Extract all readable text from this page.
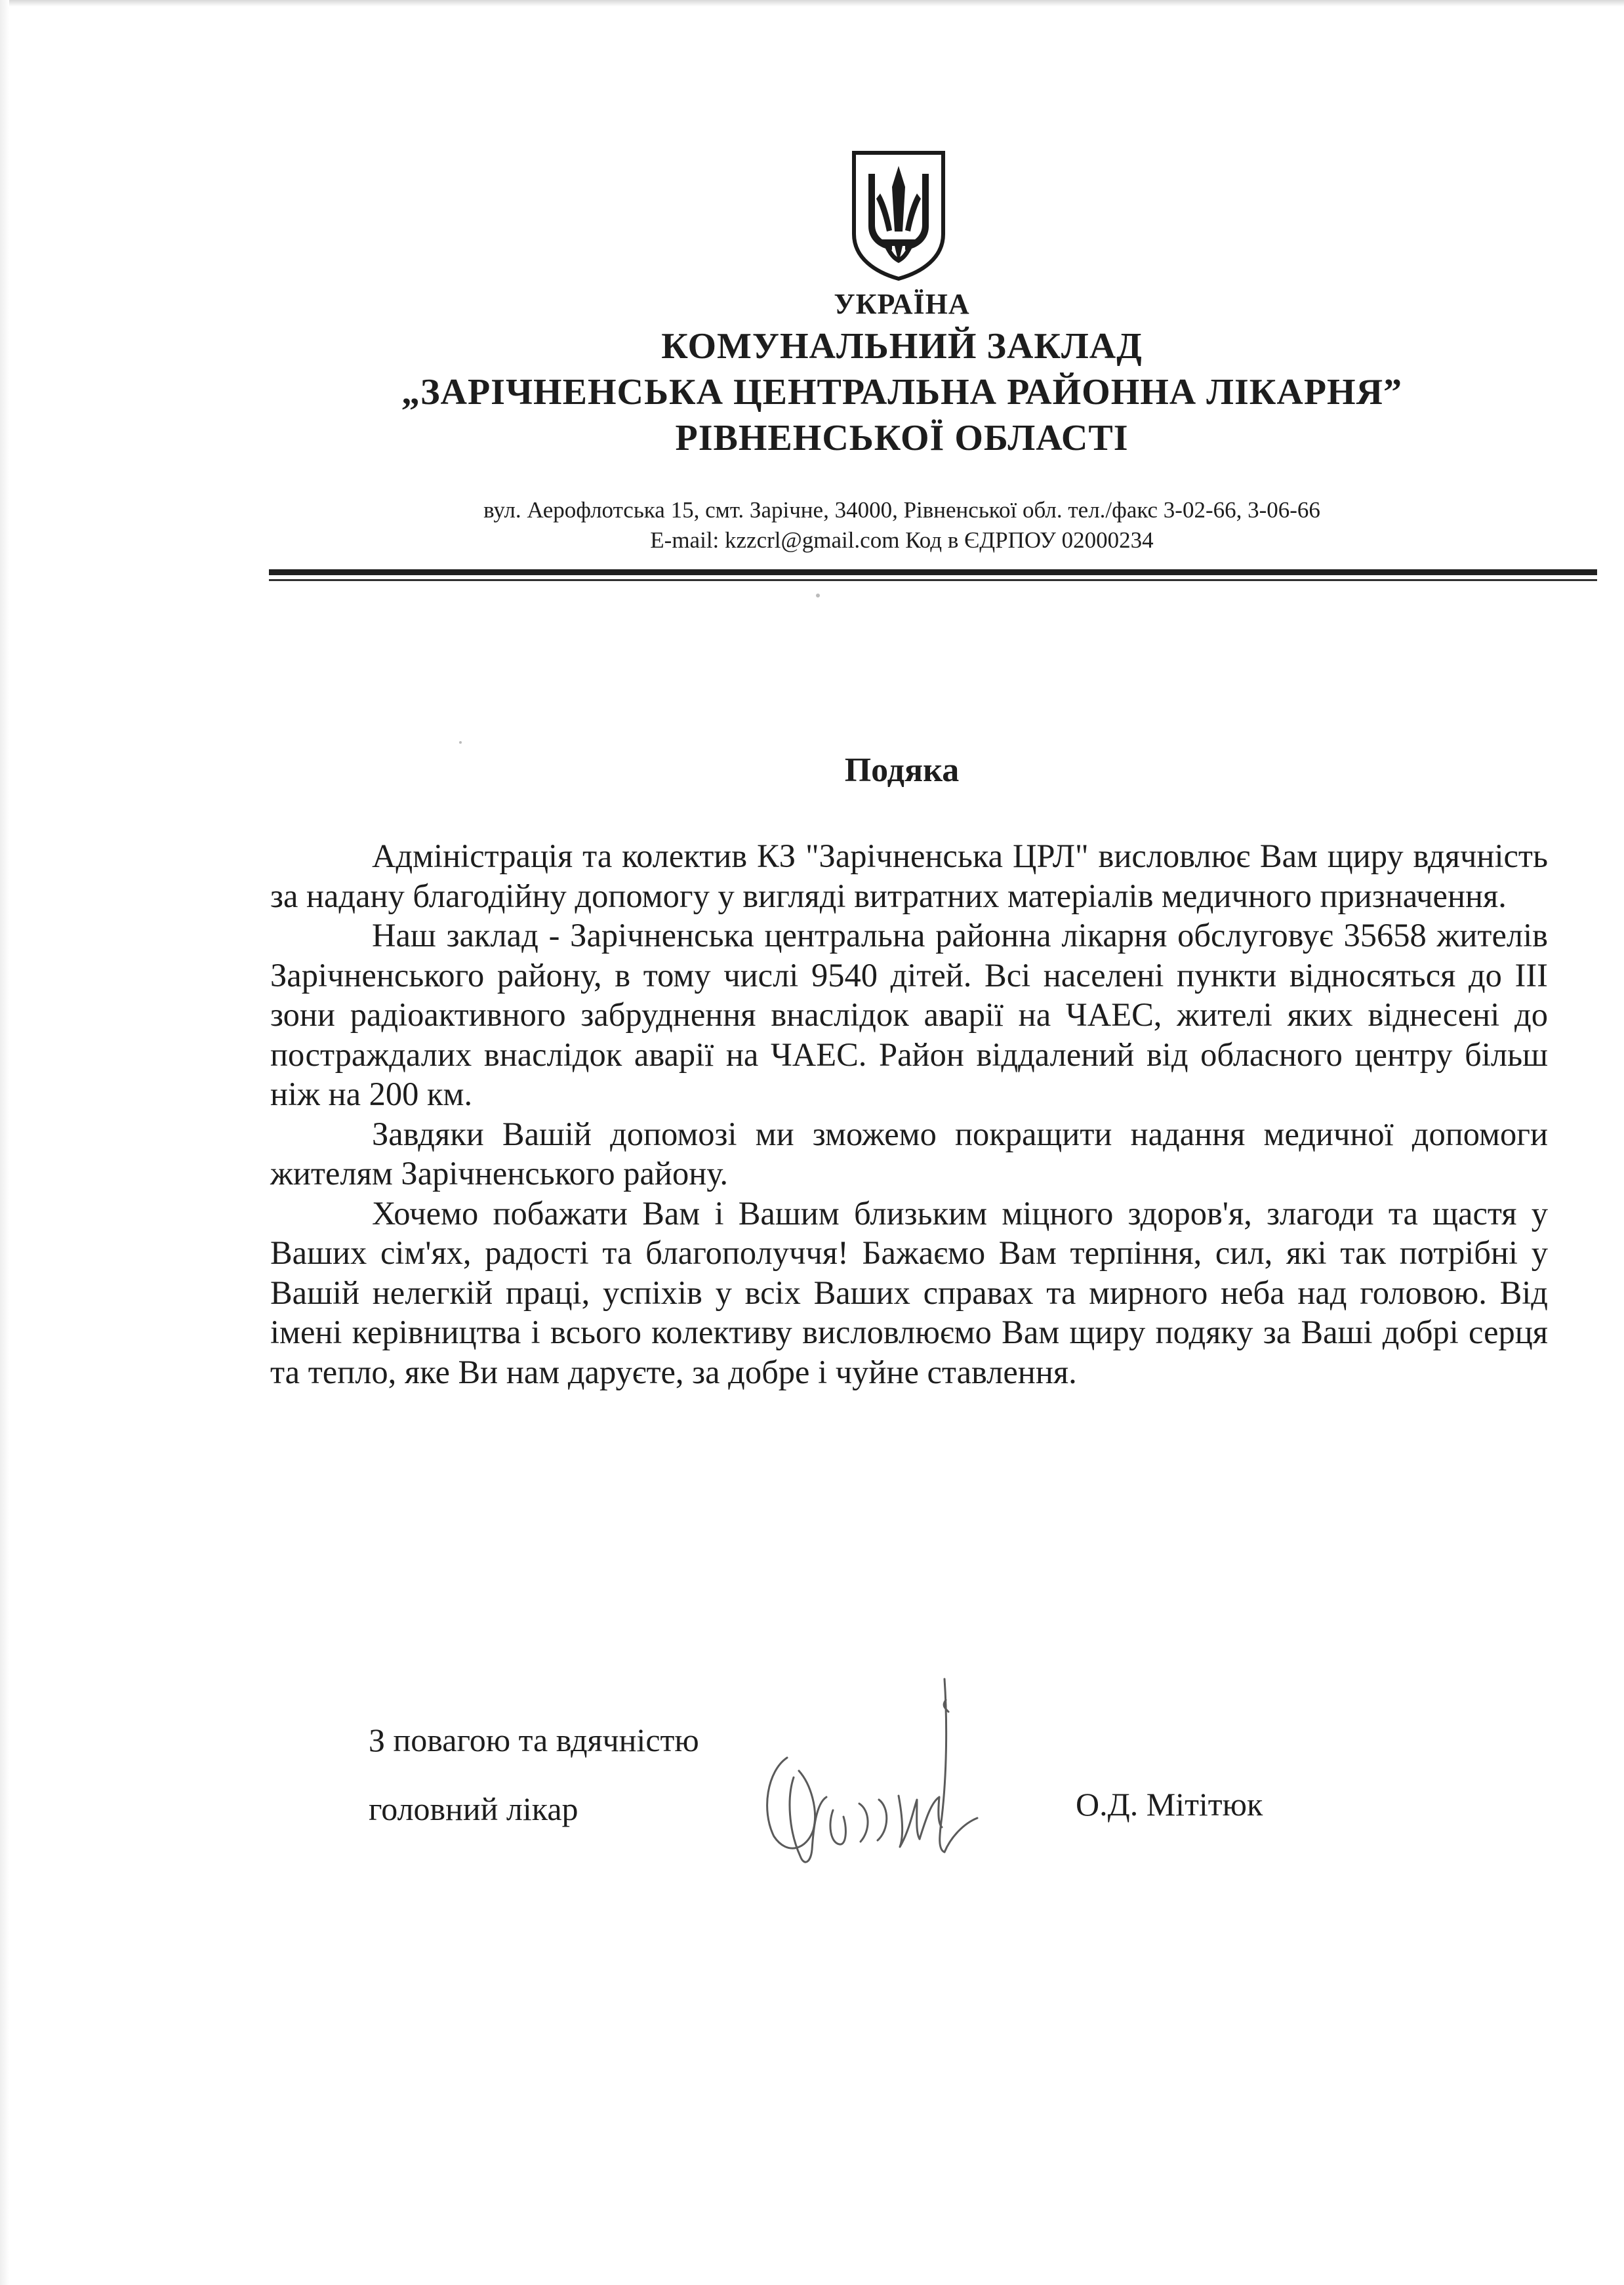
УКРАЇНА
КОМУНАЛЬНИЙ ЗАКЛАД
„ЗАРІЧНЕНСЬКА ЦЕНТРАЛЬНА РАЙОННА ЛІКАРНЯ”
РІВНЕНСЬКОЇ ОБЛАСТІ
вул. Аерофлотська 15, смт. Зарічне, 34000, Рівненської обл. тел./факс 3-02-66, 3-06-66
E-mail: kzzcrl@gmail.com Код в ЄДРПОУ 02000234
Подяка

Адміністрація та колектив КЗ "Зарічненська ЦРЛ" висловлює Вам щиру вдячність за надану благодійну допомогу у вигляді витратних матеріалів медичного призначення.

Наш заклад - Зарічненська центральна районна лікарня обслуговує 35658 жителів Зарічненського району, в тому числі 9540 дітей. Всі населені пункти відносяться до ІІІ зони радіоактивного забруднення внаслідок аварії на ЧАЕС, жителі яких віднесені до постраждалих внаслідок аварії на ЧАЕС. Район віддалений від обласного центру більш ніж на 200 км.

Завдяки Вашій допомозі ми зможемо покращити надання медичної допомоги жителям Зарічненського району.

Хочемо побажати Вам і Вашим близьким міцного здоров'я, злагоди та щастя у Ваших сім'ях, радості та благополуччя! Бажаємо Вам терпіння, сил, які так потрібні у Вашій нелегкій праці, успіхів у всіх Ваших справах та мирного неба над головою. Від імені керівництва і всього колективу висловлюємо Вам щиру подяку за Ваші добрі серця та тепло, яке Ви нам даруєте, за добре і чуйне ставлення.

З повагою та вдячністю
головний лікар	О.Д. Мітітюк
